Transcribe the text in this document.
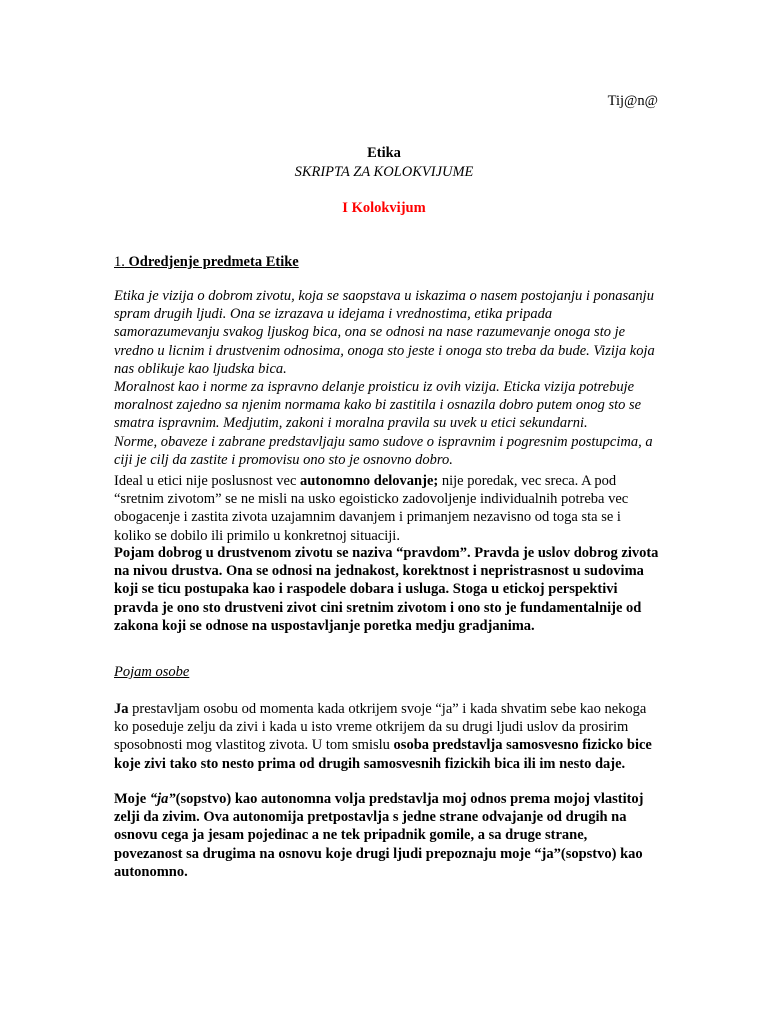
Tij@n@
Etika
SKRIPTA ZA KOLOKVIJUME
I Kolokvijum
1. Odredjenje predmeta Etike
Etika je vizija o dobrom zivotu, koja se saopstava u iskazima o nasem postojanju i ponasanju spram drugih ljudi. Ona se izrazava u idejama i vrednostima, etika pripada samorazumevanju svakog ljuskog bica, ona se odnosi na nase razumevanje onoga sto je vredno u licnim i drustvenim odnosima, onoga sto jeste i onoga sto treba da bude. Vizija koja nas oblikuje kao ljudska bica.
Moralnost kao i norme za ispravno delanje proisticu iz ovih vizija. Eticka vizija potrebuje moralnost zajedno sa njenim normama kako bi zastitila i osnazila dobro putem onog sto se smatra ispravnim. Medjutim, zakoni i moralna pravila su uvek u etici sekundarni.
Norme, obaveze i zabrane predstavljaju samo sudove o ispravnim i pogresnim postupcima, a ciji je cilj da zastite i promovisu ono sto je osnovno dobro.
Ideal u etici nije poslusnost vec autonomno delovanje; nije poredak, vec sreca. A pod “sretnim zivotom” se ne misli na usko egoisticko zadovoljenje individualnih potreba vec obogacenje i zastita zivota uzajamnim davanjem i primanjem nezavisno od toga sta se i koliko se dobilo ili primilo u konkretnoj situaciji.
Pojam dobrog u drustvenom zivotu se naziva “pravdom”. Pravda je uslov dobrog zivota na nivou drustva. Ona se odnosi na jednakost, korektnost i nepristrasnost u sudovima koji se ticu postupaka kao i raspodele dobara i usluga. Stoga u etickoj perspektivi pravda je ono sto drustveni zivot cini sretnim zivotom i ono sto je fundamentalnije od zakona koji se odnose na uspostavljanje poretka medju gradjanima.
Pojam osobe
Ja prestavljam osobu od momenta kada otkrijem svoje “ja” i kada shvatim sebe kao nekoga ko poseduje zelju da zivi i kada u isto vreme otkrijem da su drugi ljudi uslov da prosirim sposobnosti mog vlastitog zivota. U tom smislu osoba predstavlja samosvesno fizicko bice koje zivi tako sto nesto prima od drugih samosvesnih fizickih bica ili im nesto daje.
Moje “ja”(sopstvo) kao autonomna volja predstavlja moj odnos prema mojoj vlastitoj zelji da zivim. Ova autonomija pretpostavlja s jedne strane odvajanje od drugih na osnovu cega ja jesam pojedinac a ne tek pripadnik gomile, a sa druge strane, povezanost sa drugima na osnovu koje drugi ljudi prepoznaju moje “ja”(sopstvo) kao autonomno.
